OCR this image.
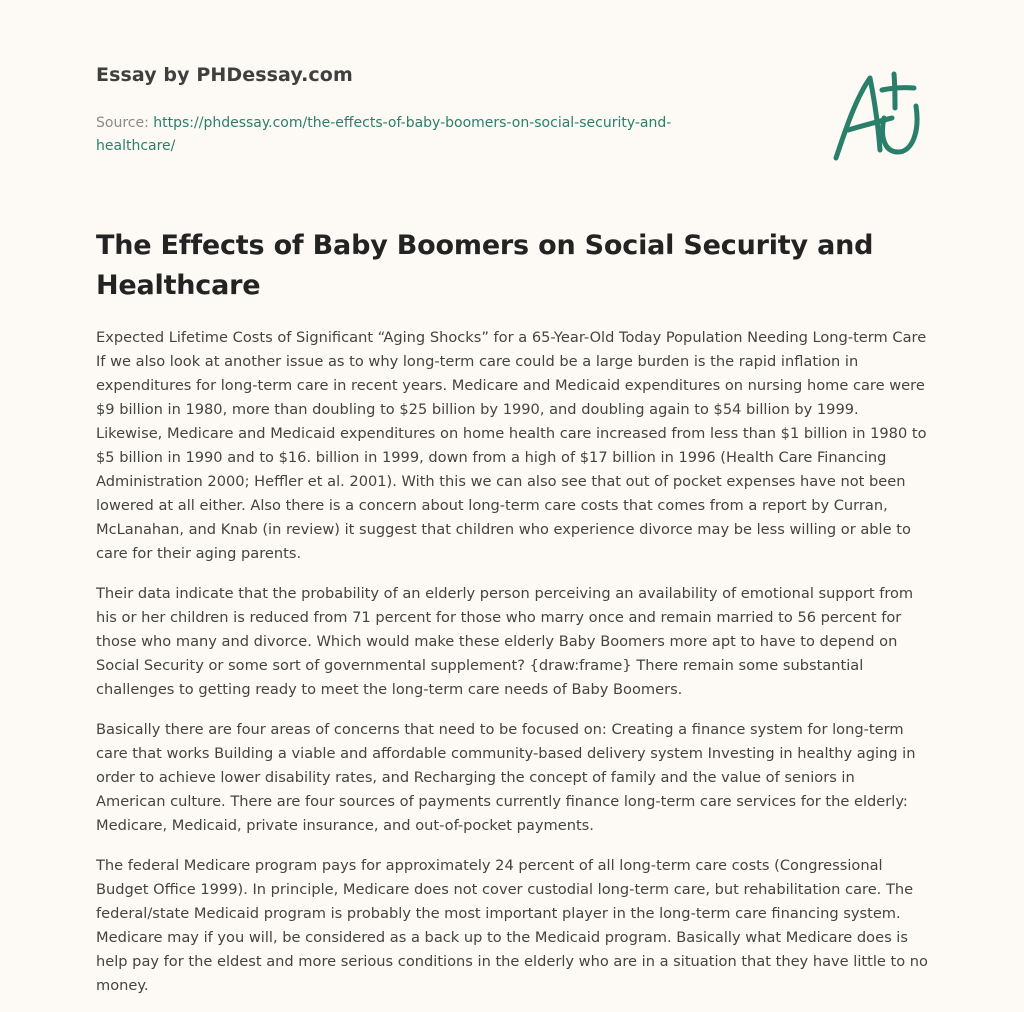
Essay by PHDessay.com
Source: https://phdessay.com/the-effects-of-baby-boomers-on-social-security-and-healthcare/
The Effects of Baby Boomers on Social Security and Healthcare

Expected Lifetime Costs of Significant “Aging Shocks” for a 65-Year-Old Today Population Needing Long-term Care If we also look at another issue as to why long-term care could be a large burden is the rapid inflation in expenditures for long-term care in recent years. Medicare and Medicaid expenditures on nursing home care were $9 billion in 1980, more than doubling to $25 billion by 1990, and doubling again to $54 billion by 1999. Likewise, Medicare and Medicaid expenditures on home health care increased from less than $1 billion in 1980 to $5 billion in 1990 and to $16. billion in 1999, down from a high of $17 billion in 1996 (Health Care Financing Administration 2000; Heffler et al. 2001). With this we can also see that out of pocket expenses have not been lowered at all either. Also there is a concern about long-term care costs that comes from a report by Curran, McLanahan, and Knab (in review) it suggest that children who experience divorce may be less willing or able to care for their aging parents.

Their data indicate that the probability of an elderly person perceiving an availability of emotional support from his or her children is reduced from 71 percent for those who marry once and remain married to 56 percent for those who many and divorce. Which would make these elderly Baby Boomers more apt to have to depend on Social Security or some sort of governmental supplement? {draw:frame} There remain some substantial challenges to getting ready to meet the long-term care needs of Baby Boomers.

Basically there are four areas of concerns that need to be focused on: Creating a finance system for long-term care that works Building a viable and affordable community-based delivery system Investing in healthy aging in order to achieve lower disability rates, and Recharging the concept of family and the value of seniors in American culture. There are four sources of payments currently finance long-term care services for the elderly: Medicare, Medicaid, private insurance, and out-of-pocket payments.

The federal Medicare program pays for approximately 24 percent of all long-term care costs (Congressional Budget Office 1999). In principle, Medicare does not cover custodial long-term care, but rehabilitation care. The federal/state Medicaid program is probably the most important player in the long-term care financing system. Medicare may if you will, be considered as a back up to the Medicaid program. Basically what Medicare does is help pay for the eldest and more serious conditions in the elderly who are in a situation that they have little to no money.
